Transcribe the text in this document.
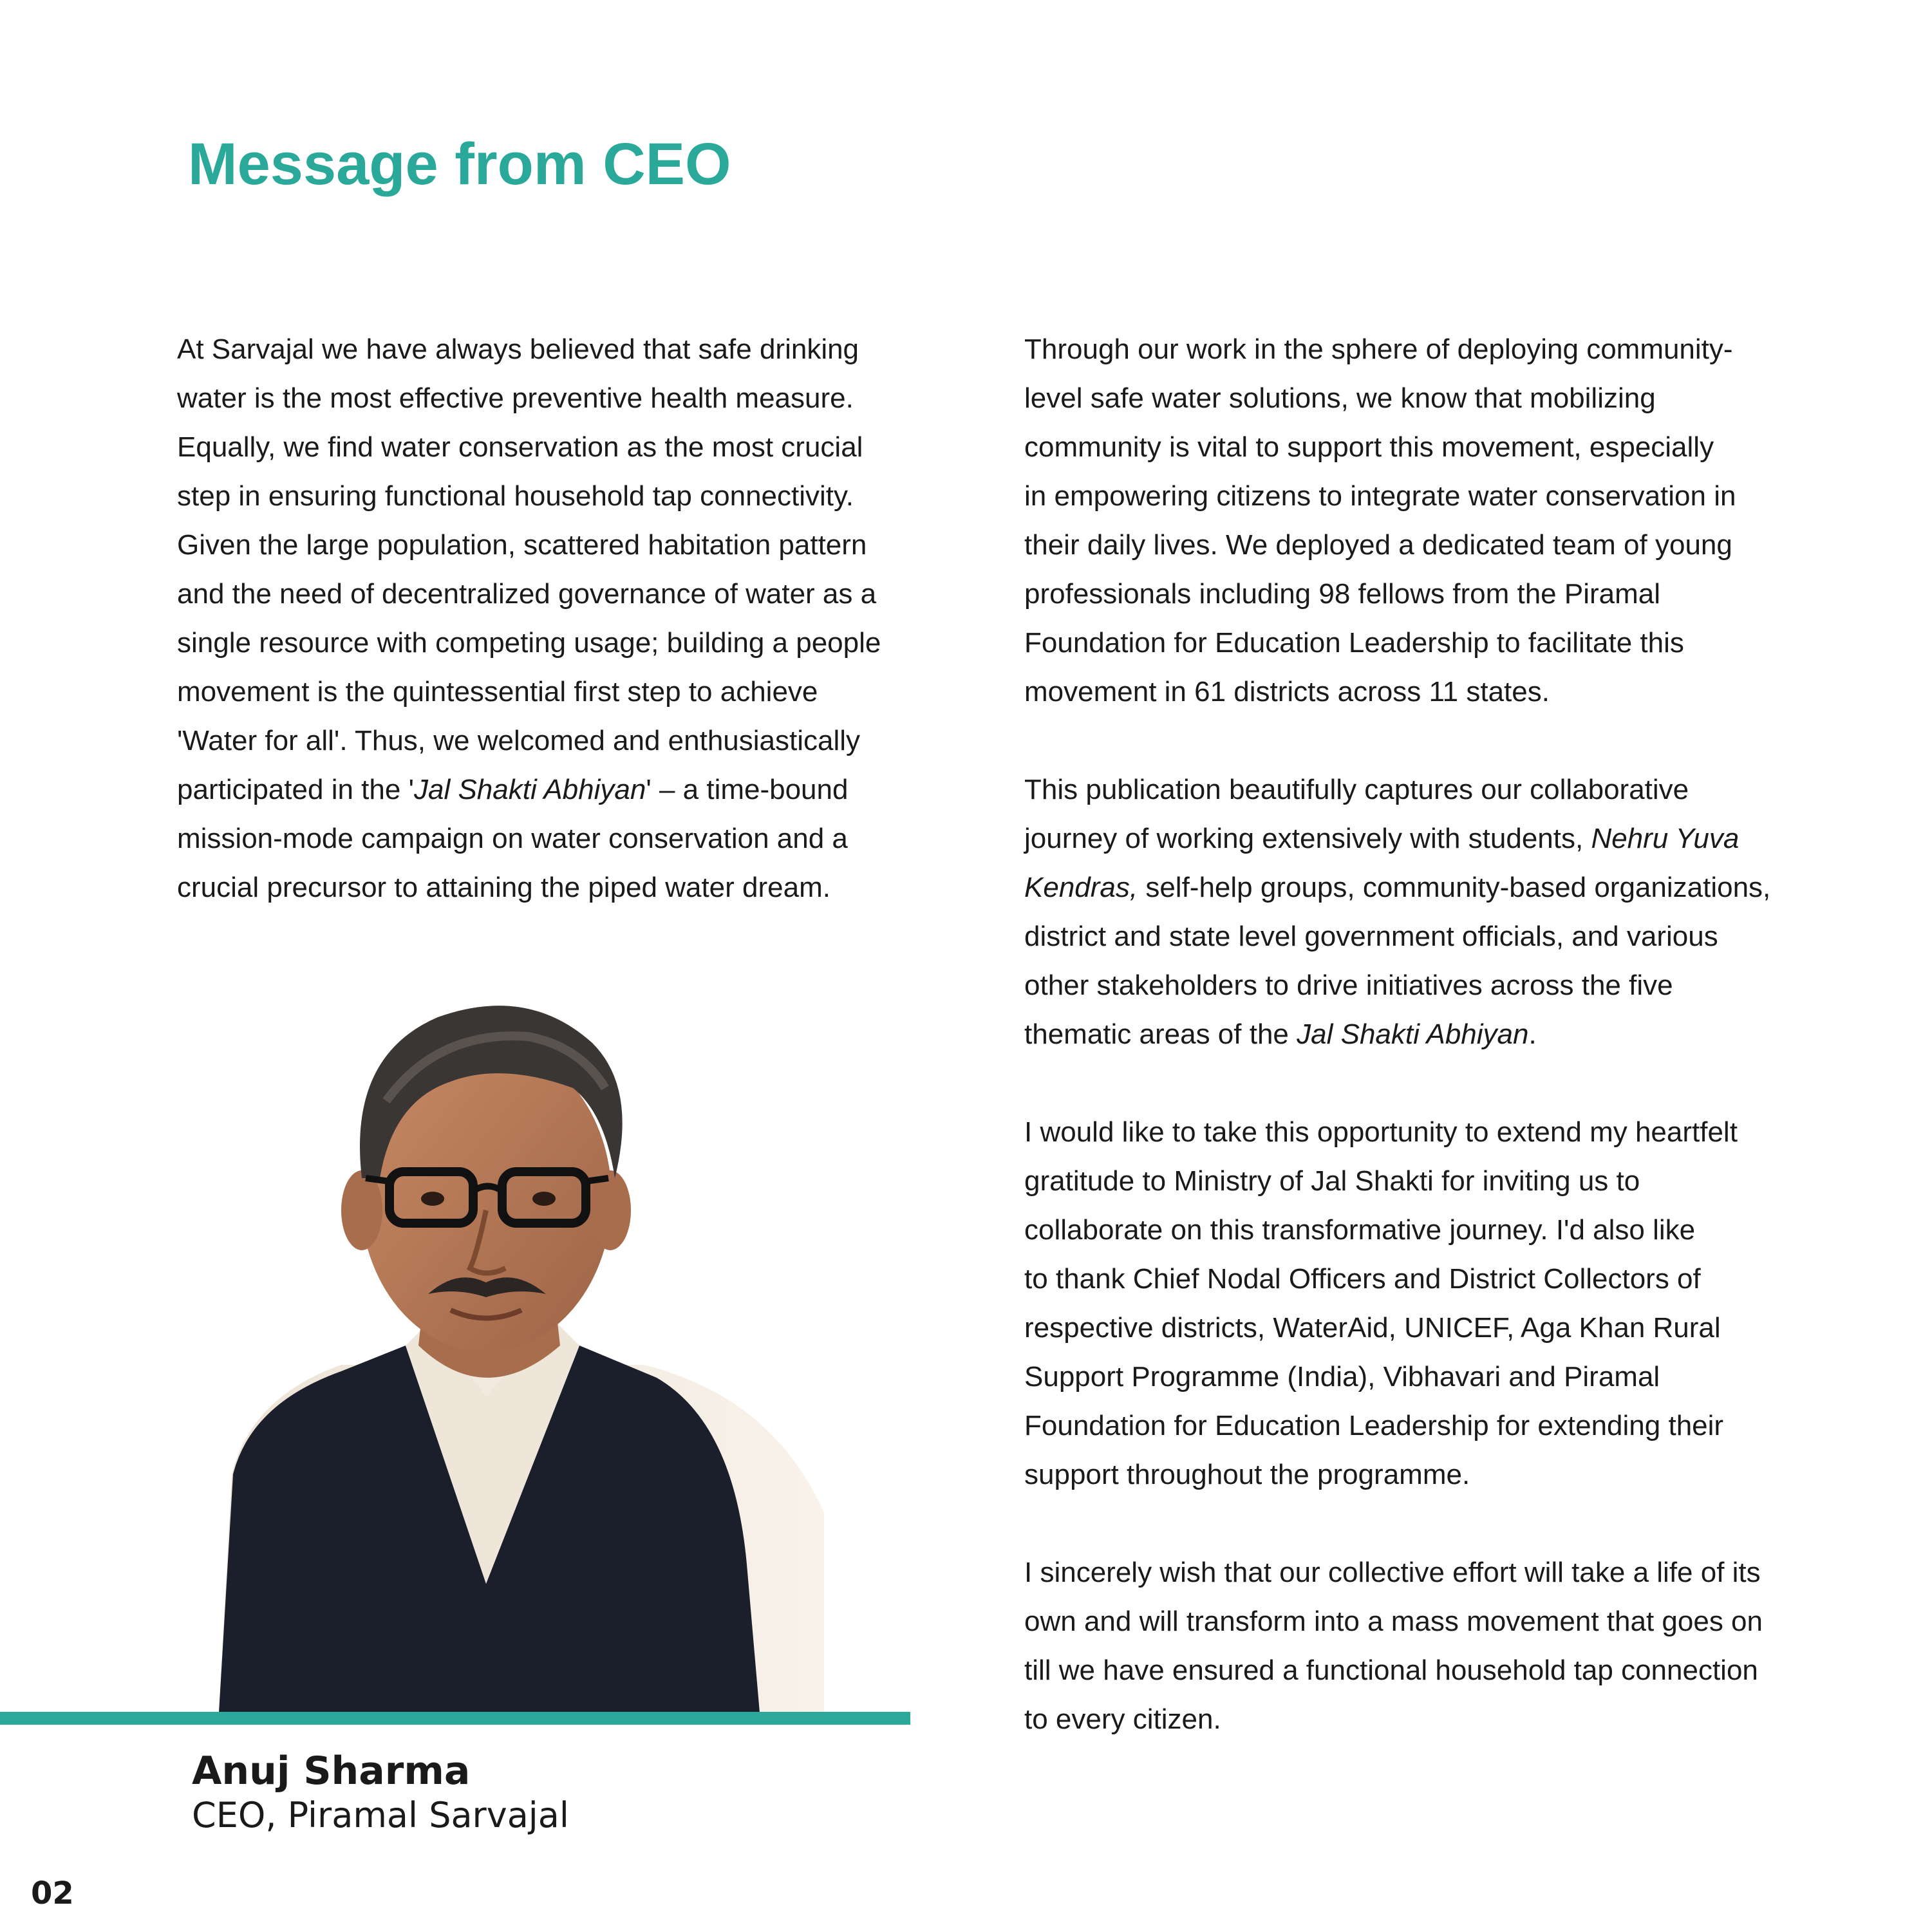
Message from CEO

At Sarvajal we have always believed that safe drinking
water is the most effective preventive health measure.
Equally, we find water conservation as the most crucial
step in ensuring functional household tap connectivity.
Given the large population, scattered habitation pattern
and the need of decentralized governance of water as a
single resource with competing usage; building a people
movement is the quintessential first step to achieve
'Water for all'. Thus, we welcomed and enthusiastically
participated in the 'Jal Shakti Abhiyan' – a time-bound
mission-mode campaign on water conservation and a
crucial precursor to attaining the piped water dream.

Through our work in the sphere of deploying community-
level safe water solutions, we know that mobilizing
community is vital to support this movement, especially
in empowering citizens to integrate water conservation in
their daily lives. We deployed a dedicated team of young
professionals including 98 fellows from the Piramal
Foundation for Education Leadership to facilitate this
movement in 61 districts across 11 states.

This publication beautifully captures our collaborative
journey of working extensively with students, Nehru Yuva
Kendras, self-help groups, community-based organizations,
district and state level government officials, and various
other stakeholders to drive initiatives across the five
thematic areas of the Jal Shakti Abhiyan.

I would like to take this opportunity to extend my heartfelt
gratitude to Ministry of Jal Shakti for inviting us to
collaborate on this transformative journey. I'd also like
to thank Chief Nodal Officers and District Collectors of
respective districts, WaterAid, UNICEF, Aga Khan Rural
Support Programme (India), Vibhavari and Piramal
Foundation for Education Leadership for extending their
support throughout the programme.

I sincerely wish that our collective effort will take a life of its
own and will transform into a mass movement that goes on
till we have ensured a functional household tap connection
to every citizen.

Anuj Sharma

CEO, Piramal Sarvajal

02
